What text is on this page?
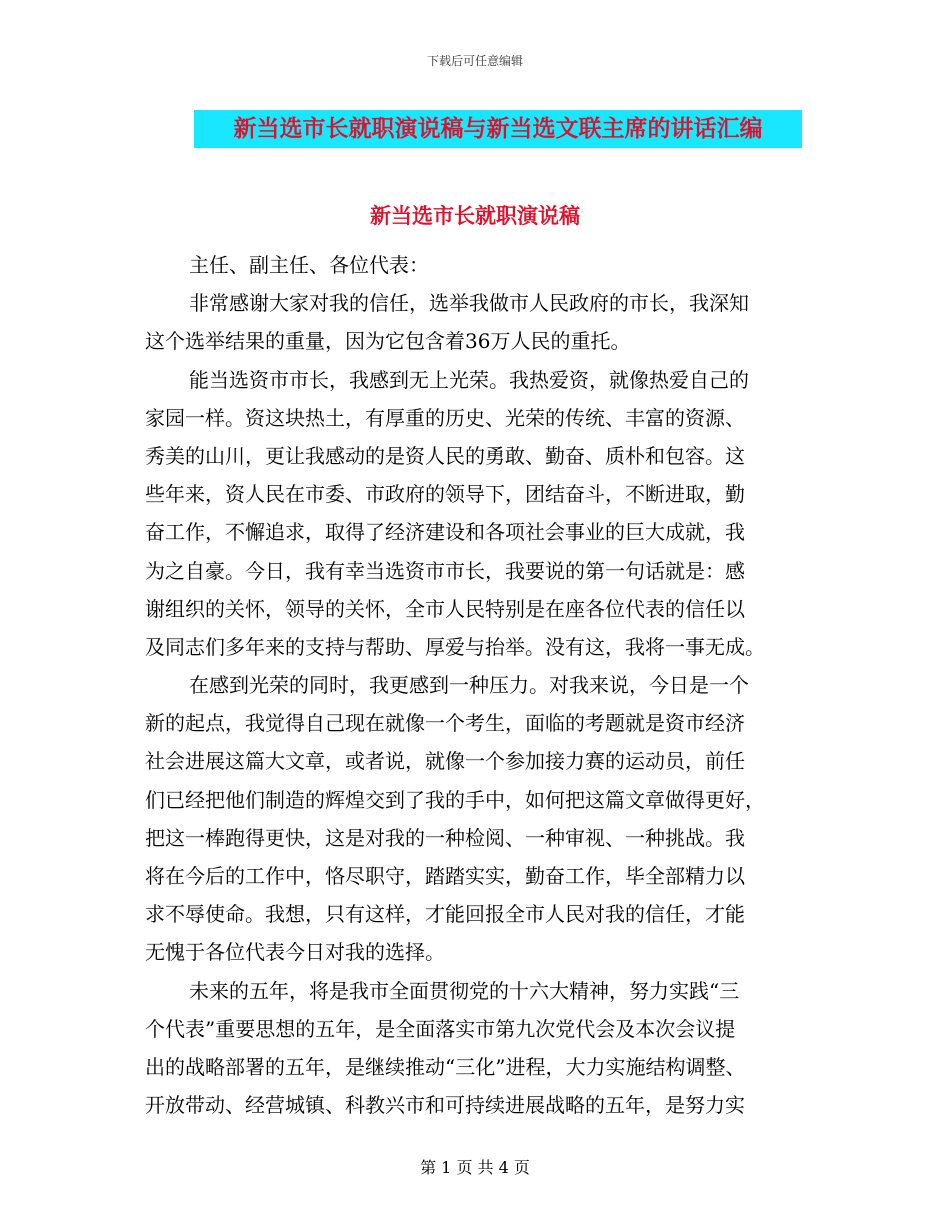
下载后可任意编辑
新当选市长就职演说稿与新当选文联主席的讲话汇编
新当选市长就职演说稿
主任、副主任、各位代表：
非常感谢大家对我的信任，选举我做市人民政府的市长，我深知
这个选举结果的重量，因为它包含着36万人民的重托。
能当选资市市长，我感到无上光荣。我热爱资，就像热爱自己的
家园一样。资这块热土，有厚重的历史、光荣的传统、丰富的资源、
秀美的山川，更让我感动的是资人民的勇敢、勤奋、质朴和包容。这
些年来，资人民在市委、市政府的领导下，团结奋斗，不断进取，勤
奋工作，不懈追求，取得了经济建设和各项社会事业的巨大成就，我
为之自豪。今日，我有幸当选资市市长，我要说的第一句话就是：感
谢组织的关怀，领导的关怀，全市人民特别是在座各位代表的信任以
及同志们多年来的支持与帮助、厚爱与抬举。没有这，我将一事无成。
在感到光荣的同时，我更感到一种压力。对我来说，今日是一个
新的起点，我觉得自己现在就像一个考生，面临的考题就是资市经济
社会进展这篇大文章，或者说，就像一个参加接力赛的运动员，前任
们已经把他们制造的辉煌交到了我的手中，如何把这篇文章做得更好，
把这一棒跑得更快，这是对我的一种检阅、一种审视、一种挑战。我
将在今后的工作中，恪尽职守，踏踏实实，勤奋工作，毕全部精力以
求不辱使命。我想，只有这样，才能回报全市人民对我的信任，才能
无愧于各位代表今日对我的选择。
未来的五年，将是我市全面贯彻党的十六大精神，努力实践“三
个代表”重要思想的五年，是全面落实市第九次党代会及本次会议提
出的战略部署的五年，是继续推动“三化”进程，大力实施结构调整、
开放带动、经营城镇、科教兴市和可持续进展战略的五年，是努力实
第 1 页 共 4 页
